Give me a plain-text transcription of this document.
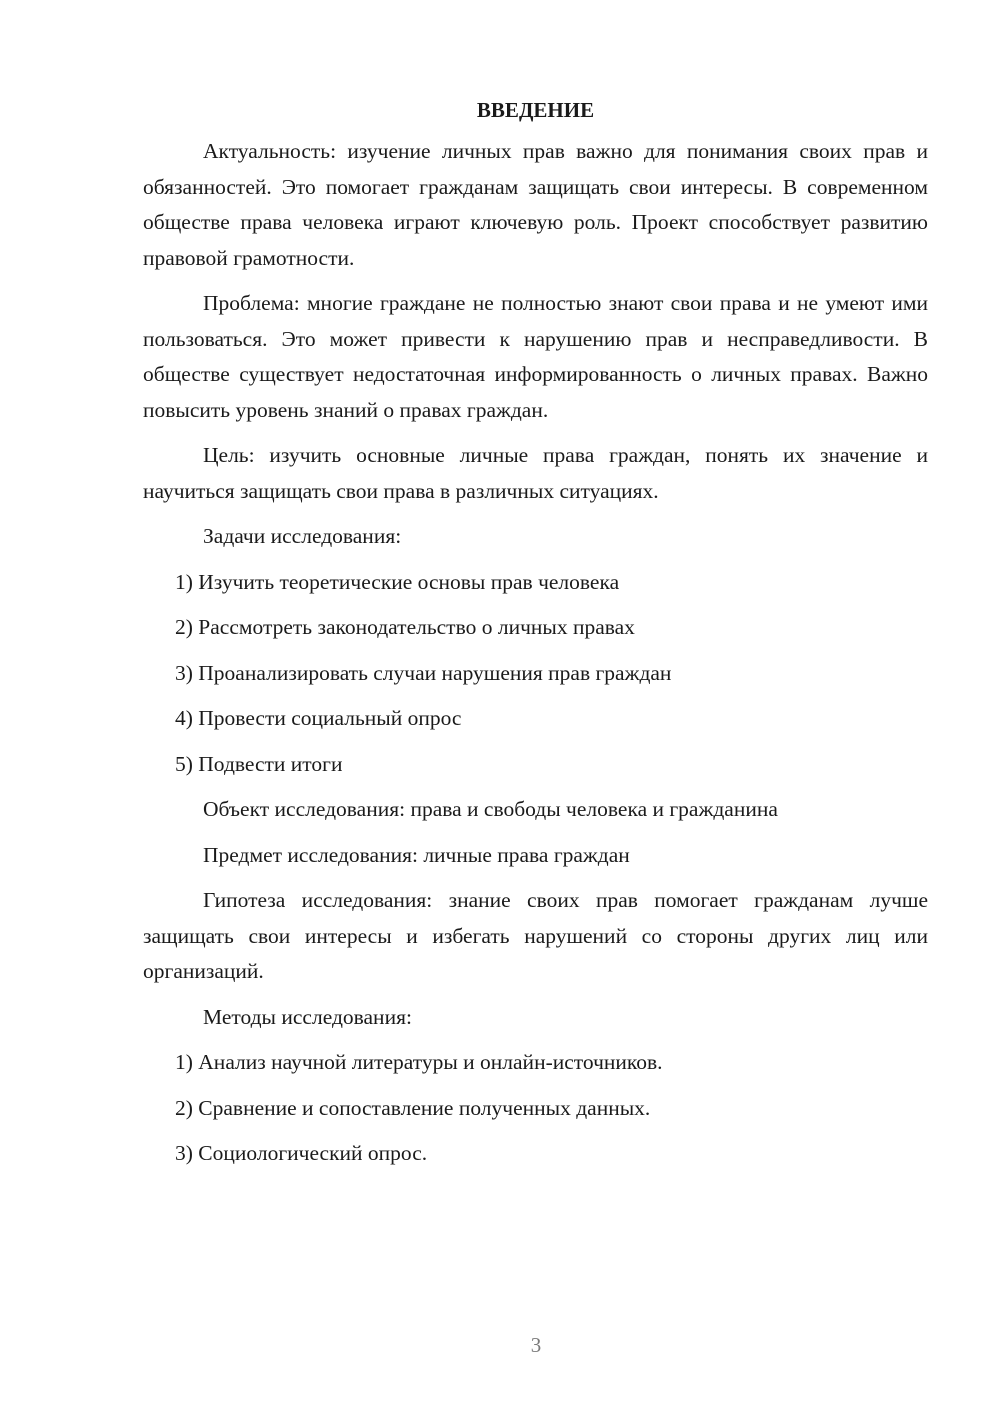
ВВЕДЕНИЕ

Актуальность: изучение личных прав важно для понимания своих прав и обязанностей. Это помогает гражданам защищать свои интересы. В современном обществе права человека играют ключевую роль. Проект способствует развитию правовой грамотности.

Проблема: многие граждане не полностью знают свои права и не умеют ими пользоваться. Это может привести к нарушению прав и несправедливости. В обществе существует недостаточная информированность о личных правах. Важно повысить уровень знаний о правах граждан.

Цель: изучить основные личные права граждан, понять их значение и научиться защищать свои права в различных ситуациях.

Задачи исследования:

1) Изучить теоретические основы прав человека
2) Рассмотреть законодательство о личных правах
3) Проанализировать случаи нарушения прав граждан
4) Провести социальный опрос
5) Подвести итоги

Объект исследования: права и свободы человека и гражданина

Предмет исследования: личные права граждан

Гипотеза исследования: знание своих прав помогает гражданам лучше защищать свои интересы и избегать нарушений со стороны других лиц или организаций.

Методы исследования:

1) Анализ научной литературы и онлайн-источников.
2) Сравнение и сопоставление полученных данных.
3) Социологический опрос.
3
